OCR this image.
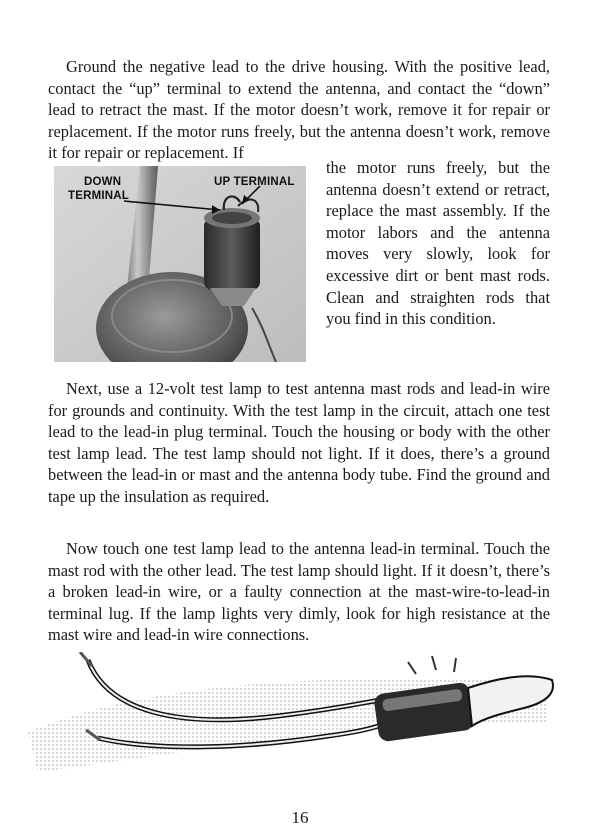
Ground the negative lead to the drive housing. With the positive lead, contact the “up” terminal to extend the antenna, and contact the “down” lead to retract the mast. If the motor doesn’t work, remove it for repair or replacement. If the motor runs freely, but the antenna doesn’t work, remove it for repair or replacement. If

DOWN
TERMINAL
UP TERMINAL

the motor runs freely, but the antenna doesn’t extend or retract, replace the mast assembly. If the motor labors and the antenna moves very slowly, look for excessive dirt or bent mast rods. Clean and straighten rods that you find in this condition.

Next, use a 12-volt test lamp to test antenna mast rods and lead-in wire for grounds and continuity. With the test lamp in the circuit, attach one test lead to the lead-in plug terminal. Touch the housing or body with the other test lamp lead. The test lamp should not light. If it does, there’s a ground between the lead-in or mast and the antenna body tube. Find the ground and tape up the insulation as required.

Now touch one test lamp lead to the antenna lead-in terminal. Touch the mast rod with the other lead. The test lamp should light. If it doesn’t, there’s a broken lead-in wire, or a faulty connection at the mast-wire-to-lead-in terminal lug. If the lamp lights very dimly, look for high resistance at the mast wire and lead-in wire connections.

16
